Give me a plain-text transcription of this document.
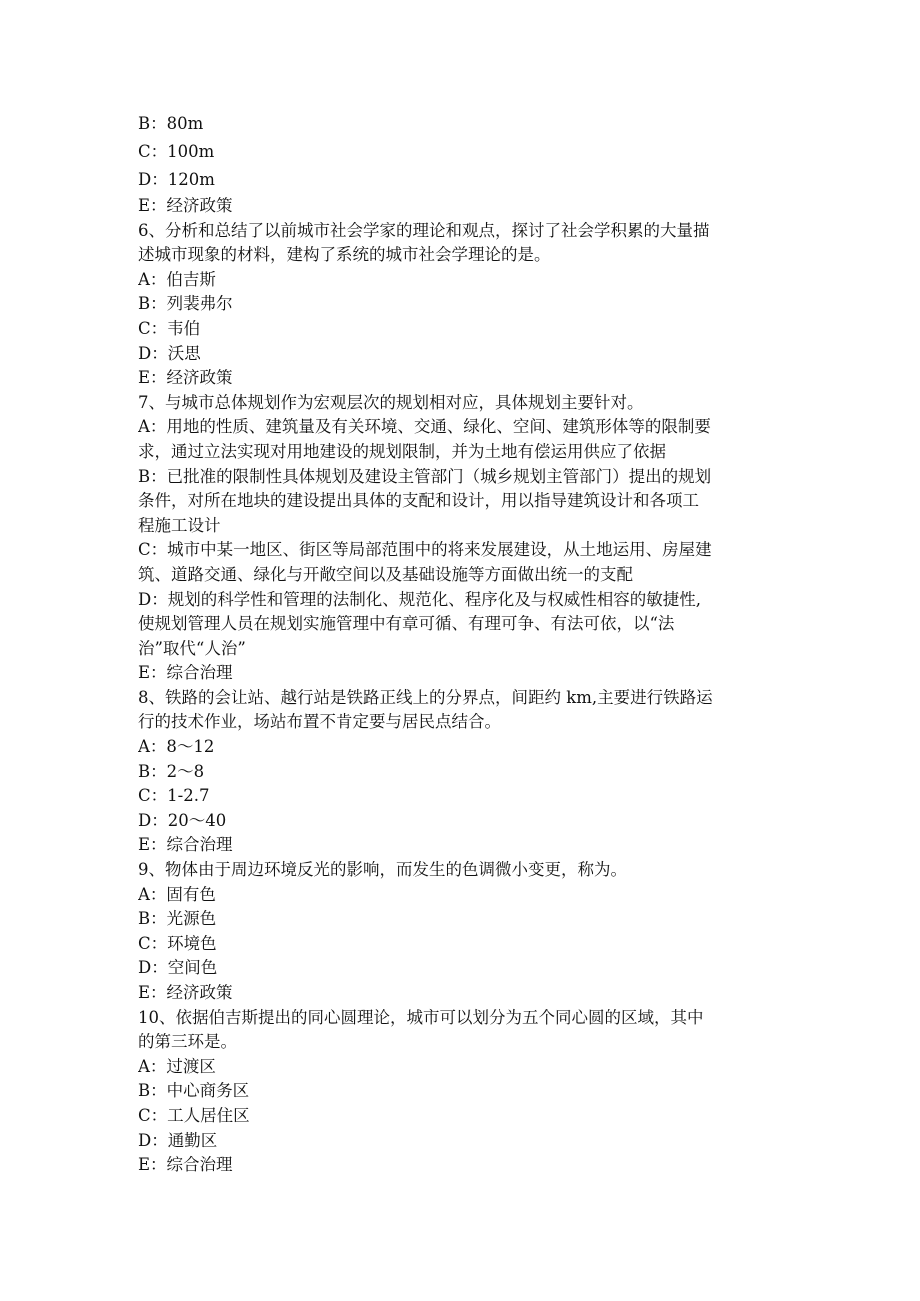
B：80m
C：100m
D：120m
E：经济政策
6、分析和总结了以前城市社会学家的理论和观点，探讨了社会学积累的大量描
述城市现象的材料，建构了系统的城市社会学理论的是。
A：伯吉斯
B：列裴弗尔
C：韦伯
D：沃思
E：经济政策
7、与城市总体规划作为宏观层次的规划相对应，具体规划主要针对。
A：用地的性质、建筑量及有关环境、交通、绿化、空间、建筑形体等的限制要
求，通过立法实现对用地建设的规划限制，并为土地有偿运用供应了依据
B：已批准的限制性具体规划及建设主管部门（城乡规划主管部门）提出的规划
条件，对所在地块的建设提出具体的支配和设计，用以指导建筑设计和各项工
程施工设计
C：城市中某一地区、街区等局部范围中的将来发展建设，从土地运用、房屋建
筑、道路交通、绿化与开敞空间以及基础设施等方面做出统一的支配
D：规划的科学性和管理的法制化、规范化、程序化及与权威性相容的敏捷性,
使规划管理人员在规划实施管理中有章可循、有理可争、有法可依，以“法
治”取代“人治”
E：综合治理
8、铁路的会让站、越行站是铁路正线上的分界点，间距约 km,主要进行铁路运
行的技术作业，场站布置不肯定要与居民点结合。
A：8～12
B：2～8
C：1-2.7
D：20～40
E：综合治理
9、物体由于周边环境反光的影响，而发生的色调微小变更，称为。
A：固有色
B：光源色
C：环境色
D：空间色
E：经济政策
10、依据伯吉斯提出的同心圆理论，城市可以划分为五个同心圆的区域，其中
的第三环是。
A：过渡区
B：中心商务区
C：工人居住区
D：通勤区
E：综合治理
